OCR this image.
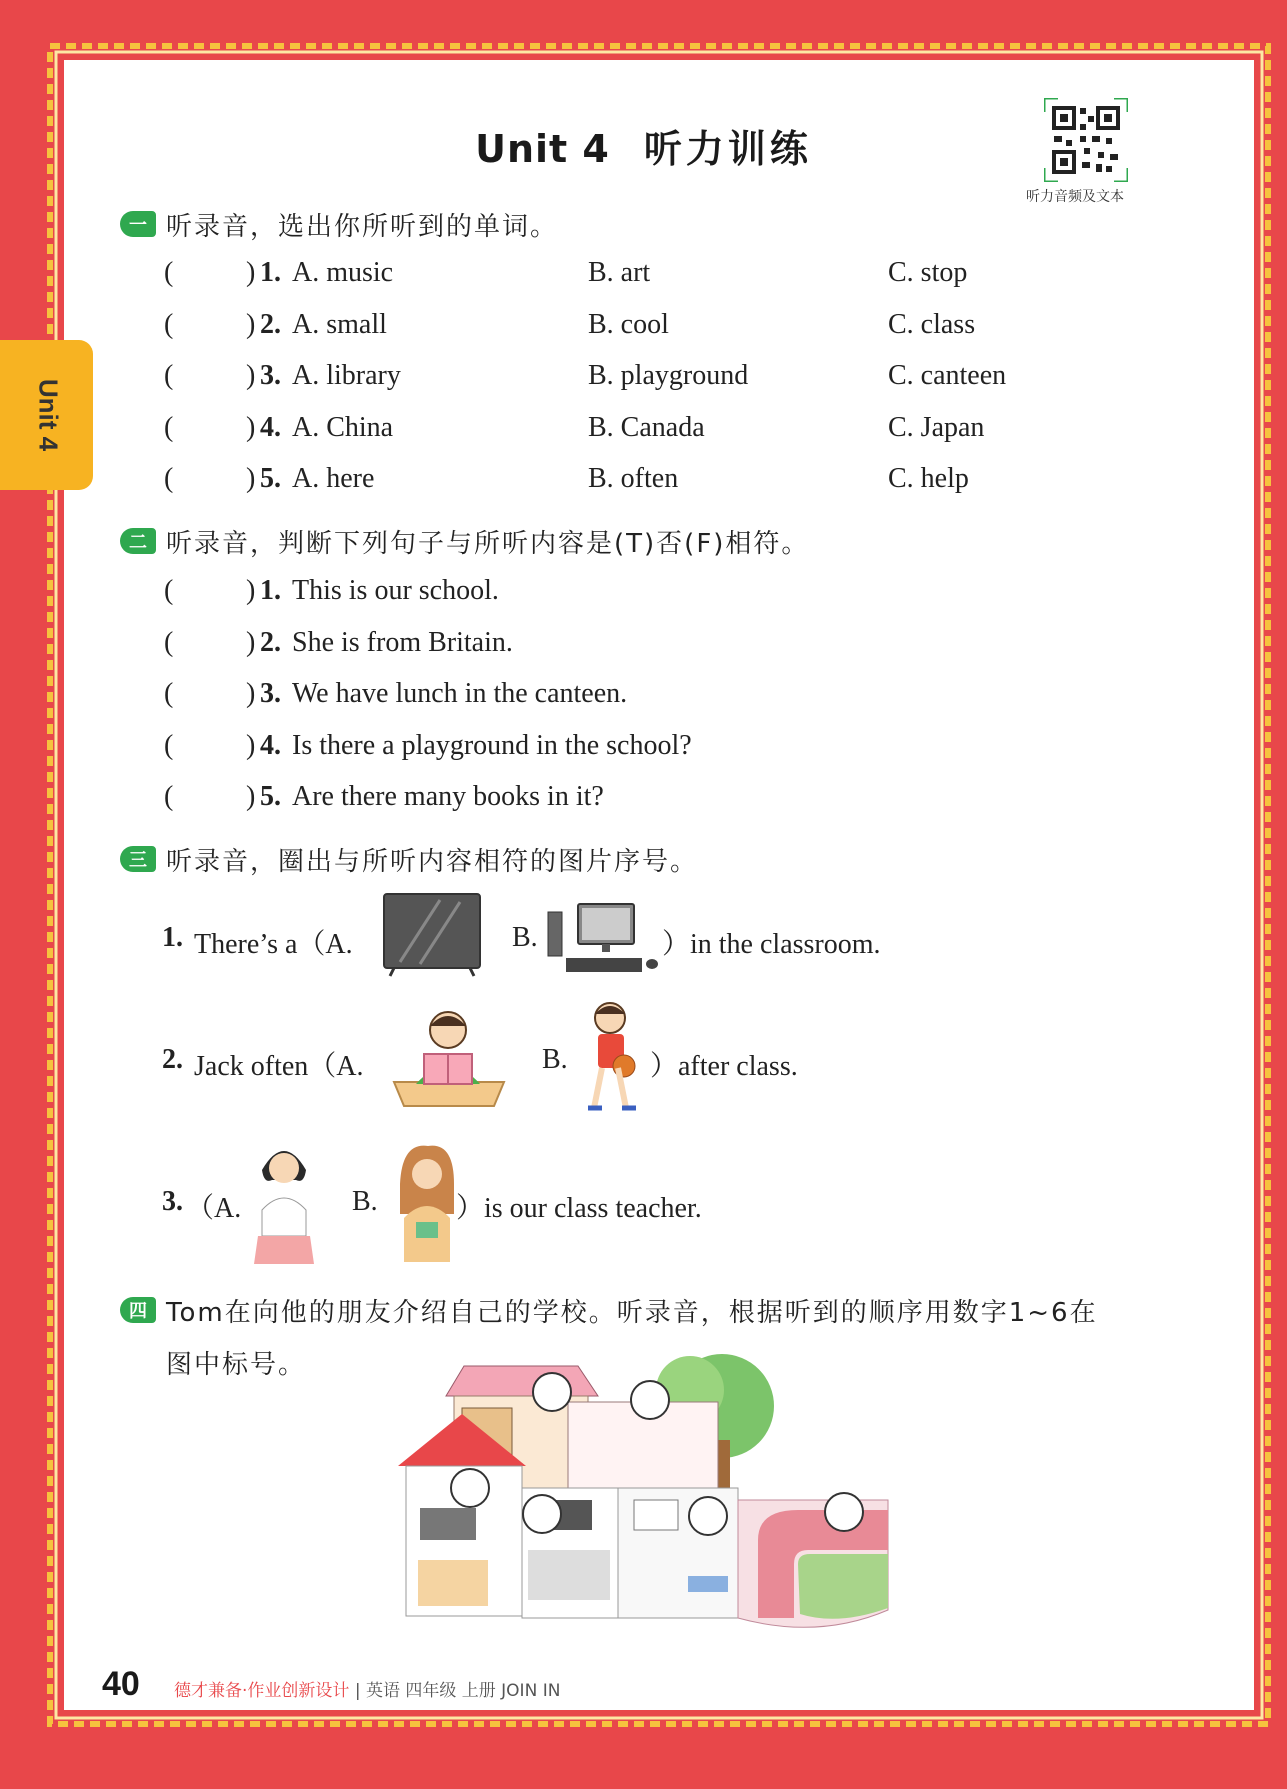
Unit 4
Unit 4 听力训练
听力音频及文本
一 听录音，选出你所听到的单词。
(	) 1. A. music	B. art	C. stop
(	) 2. A. small	B. cool	C. class
(	) 3. A. library	B. playground	C. canteen
(	) 4. A. China	B. Canada	C. Japan
(	) 5. A. here	B. often	C. help
二 听录音，判断下列句子与所听内容是(T)否(F)相符。
(	) 1. This is our school.
(	) 2. She is from Britain.
(	) 3. We have lunch in the canteen.
(	) 4. Is there a playground in the school?
(	) 5. Are there many books in it?
三 听录音，圈出与所听内容相符的图片序号。
1. There’s a（A.	B.	）in the classroom.
2. Jack often（A.	B.	）after class.
3. （A.	B.	）is our class teacher.
四 Tom在向他的朋友介绍自己的学校。听录音，根据听到的顺序用数字1~6在
图中标号。
40 德才兼备·作业创新设计 | 英语 四年级 上册 JOIN IN
